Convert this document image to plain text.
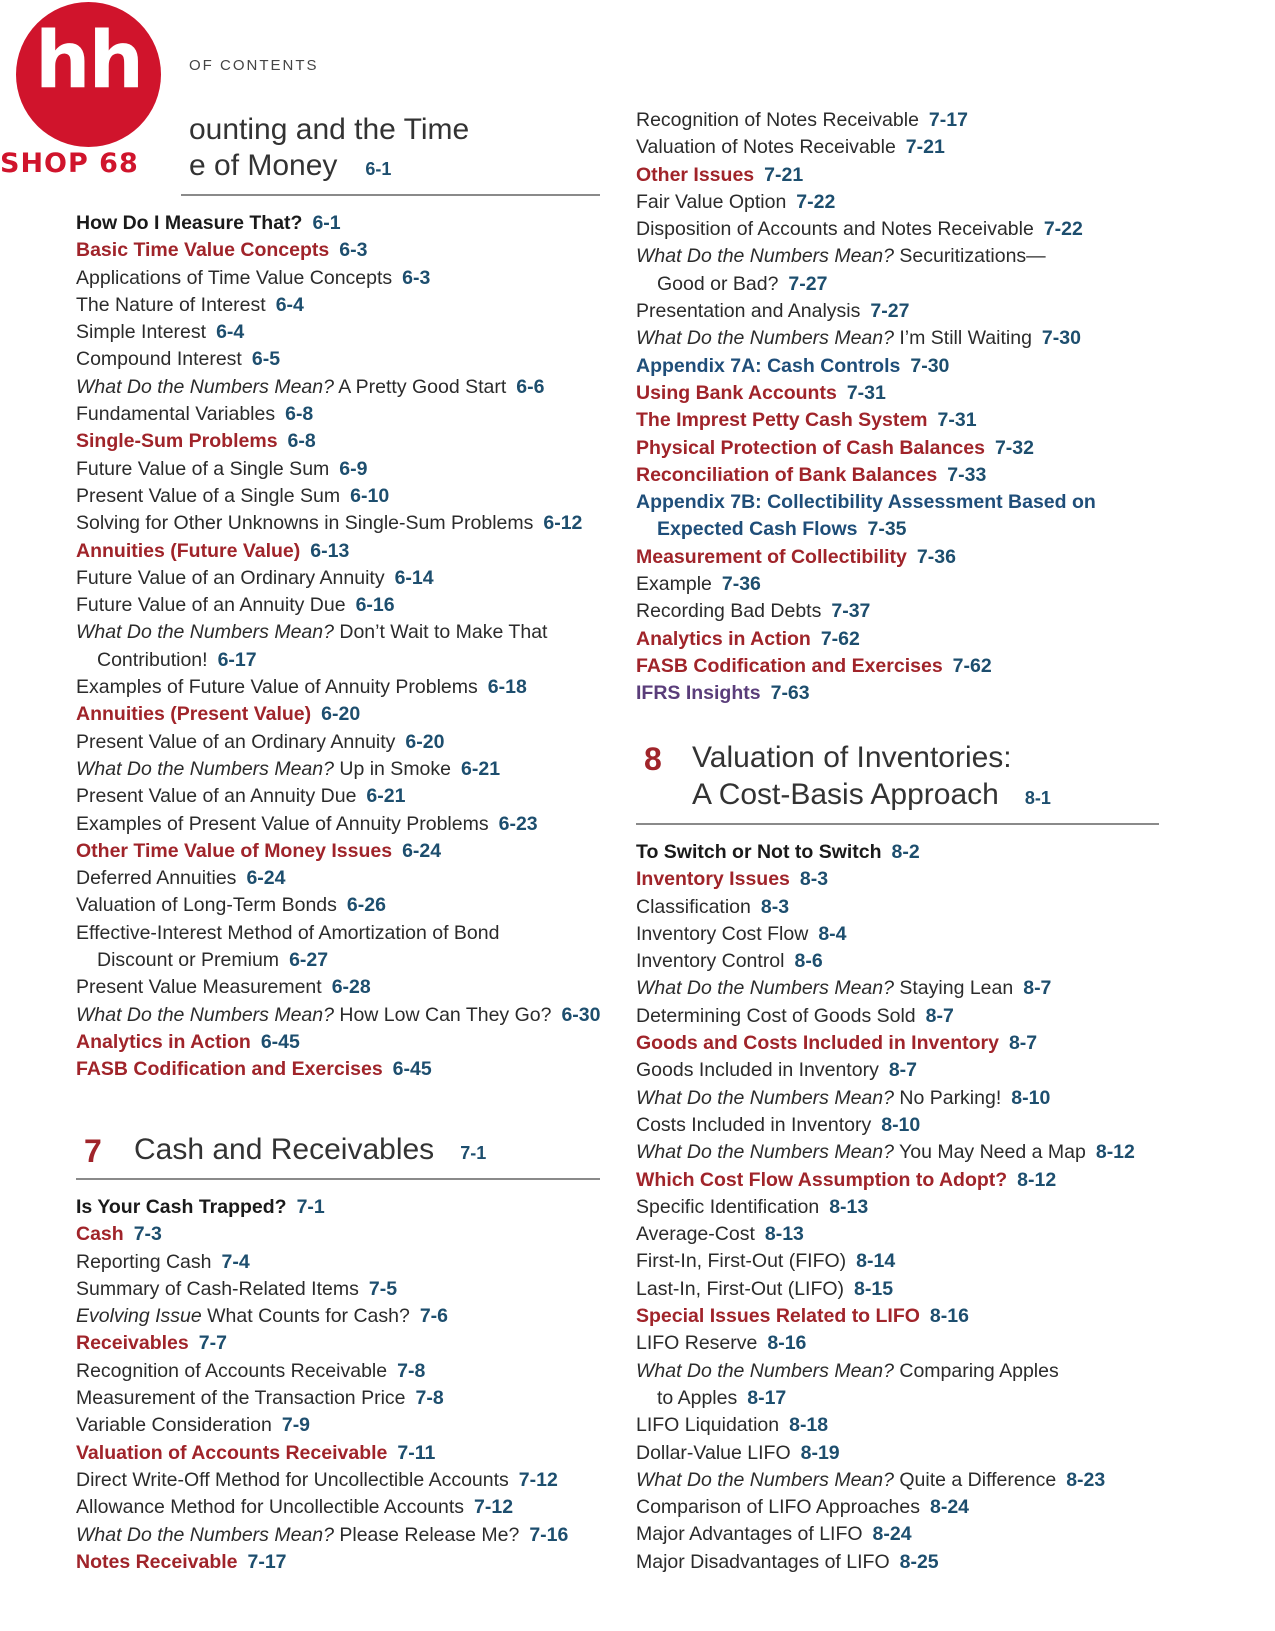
hh
SHOP 68
OF CONTENTS
ounting and the Time
e of Money 6-1
How Do I Measure That? 6-1
Basic Time Value Concepts 6-3
Applications of Time Value Concepts 6-3
The Nature of Interest 6-4
Simple Interest 6-4
Compound Interest 6-5
What Do the Numbers Mean? A Pretty Good Start 6-6
Fundamental Variables 6-8
Single-Sum Problems 6-8
Future Value of a Single Sum 6-9
Present Value of a Single Sum 6-10
Solving for Other Unknowns in Single-Sum Problems 6-12
Annuities (Future Value) 6-13
Future Value of an Ordinary Annuity 6-14
Future Value of an Annuity Due 6-16
What Do the Numbers Mean? Don’t Wait to Make That
Contribution! 6-17
Examples of Future Value of Annuity Problems 6-18
Annuities (Present Value) 6-20
Present Value of an Ordinary Annuity 6-20
What Do the Numbers Mean? Up in Smoke 6-21
Present Value of an Annuity Due 6-21
Examples of Present Value of Annuity Problems 6-23
Other Time Value of Money Issues 6-24
Deferred Annuities 6-24
Valuation of Long-Term Bonds 6-26
Effective-Interest Method of Amortization of Bond
Discount or Premium 6-27
Present Value Measurement 6-28
What Do the Numbers Mean? How Low Can They Go? 6-30
Analytics in Action 6-45
FASB Codification and Exercises 6-45
7 Cash and Receivables 7-1
Is Your Cash Trapped? 7-1
Cash 7-3
Reporting Cash 7-4
Summary of Cash-Related Items 7-5
Evolving Issue What Counts for Cash? 7-6
Receivables 7-7
Recognition of Accounts Receivable 7-8
Measurement of the Transaction Price 7-8
Variable Consideration 7-9
Valuation of Accounts Receivable 7-11
Direct Write-Off Method for Uncollectible Accounts 7-12
Allowance Method for Uncollectible Accounts 7-12
What Do the Numbers Mean? Please Release Me? 7-16
Notes Receivable 7-17
Recognition of Notes Receivable 7-17
Valuation of Notes Receivable 7-21
Other Issues 7-21
Fair Value Option 7-22
Disposition of Accounts and Notes Receivable 7-22
What Do the Numbers Mean? Securitizations—
Good or Bad? 7-27
Presentation and Analysis 7-27
What Do the Numbers Mean? I’m Still Waiting 7-30
Appendix 7A: Cash Controls 7-30
Using Bank Accounts 7-31
The Imprest Petty Cash System 7-31
Physical Protection of Cash Balances 7-32
Reconciliation of Bank Balances 7-33
Appendix 7B: Collectibility Assessment Based on
Expected Cash Flows 7-35
Measurement of Collectibility 7-36
Example 7-36
Recording Bad Debts 7-37
Analytics in Action 7-62
FASB Codification and Exercises 7-62
IFRS Insights 7-63
8 Valuation of Inventories:
A Cost-Basis Approach 8-1
To Switch or Not to Switch 8-2
Inventory Issues 8-3
Classification 8-3
Inventory Cost Flow 8-4
Inventory Control 8-6
What Do the Numbers Mean? Staying Lean 8-7
Determining Cost of Goods Sold 8-7
Goods and Costs Included in Inventory 8-7
Goods Included in Inventory 8-7
What Do the Numbers Mean? No Parking! 8-10
Costs Included in Inventory 8-10
What Do the Numbers Mean? You May Need a Map 8-12
Which Cost Flow Assumption to Adopt? 8-12
Specific Identification 8-13
Average-Cost 8-13
First-In, First-Out (FIFO) 8-14
Last-In, First-Out (LIFO) 8-15
Special Issues Related to LIFO 8-16
LIFO Reserve 8-16
What Do the Numbers Mean? Comparing Apples
to Apples 8-17
LIFO Liquidation 8-18
Dollar-Value LIFO 8-19
What Do the Numbers Mean? Quite a Difference 8-23
Comparison of LIFO Approaches 8-24
Major Advantages of LIFO 8-24
Major Disadvantages of LIFO 8-25
